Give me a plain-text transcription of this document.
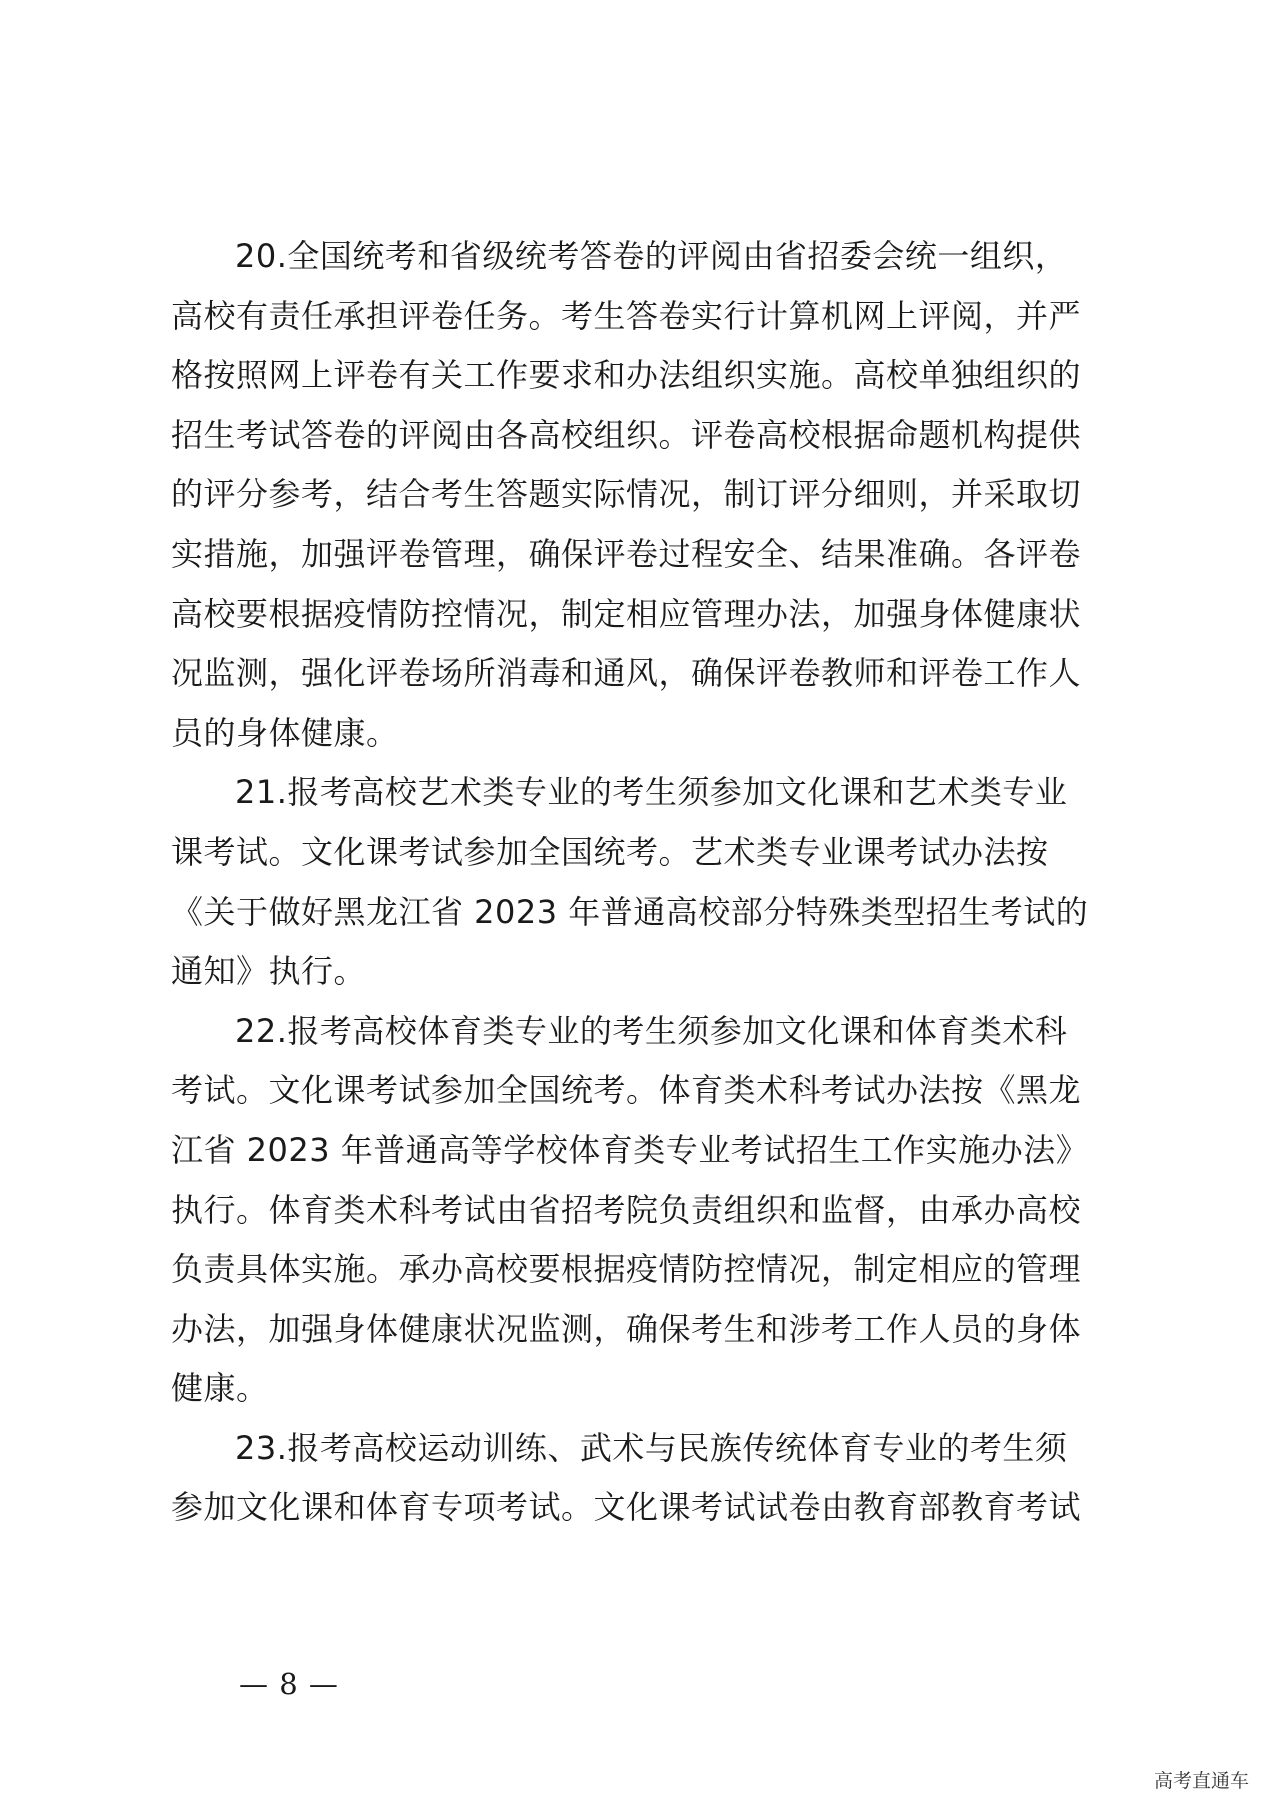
20.全国统考和省级统考答卷的评阅由省招委会统一组织，
高校有责任承担评卷任务。考生答卷实行计算机网上评阅，并严
格按照网上评卷有关工作要求和办法组织实施。高校单独组织的
招生考试答卷的评阅由各高校组织。评卷高校根据命题机构提供
的评分参考，结合考生答题实际情况，制订评分细则，并采取切
实措施，加强评卷管理，确保评卷过程安全、结果准确。各评卷
高校要根据疫情防控情况，制定相应管理办法，加强身体健康状
况监测，强化评卷场所消毒和通风，确保评卷教师和评卷工作人
员的身体健康。

21.报考高校艺术类专业的考生须参加文化课和艺术类专业
课考试。文化课考试参加全国统考。艺术类专业课考试办法按
《关于做好黑龙江省 2023 年普通高校部分特殊类型招生考试的
通知》执行。

22.报考高校体育类专业的考生须参加文化课和体育类术科
考试。文化课考试参加全国统考。体育类术科考试办法按《黑龙
江省 2023 年普通高等学校体育类专业考试招生工作实施办法》
执行。体育类术科考试由省招考院负责组织和监督，由承办高校
负责具体实施。承办高校要根据疫情防控情况，制定相应的管理
办法，加强身体健康状况监测，确保考生和涉考工作人员的身体
健康。

23.报考高校运动训练、武术与民族传统体育专业的考生须
参加文化课和体育专项考试。文化课考试试卷由教育部教育考试

— 8 —
高考直通车
